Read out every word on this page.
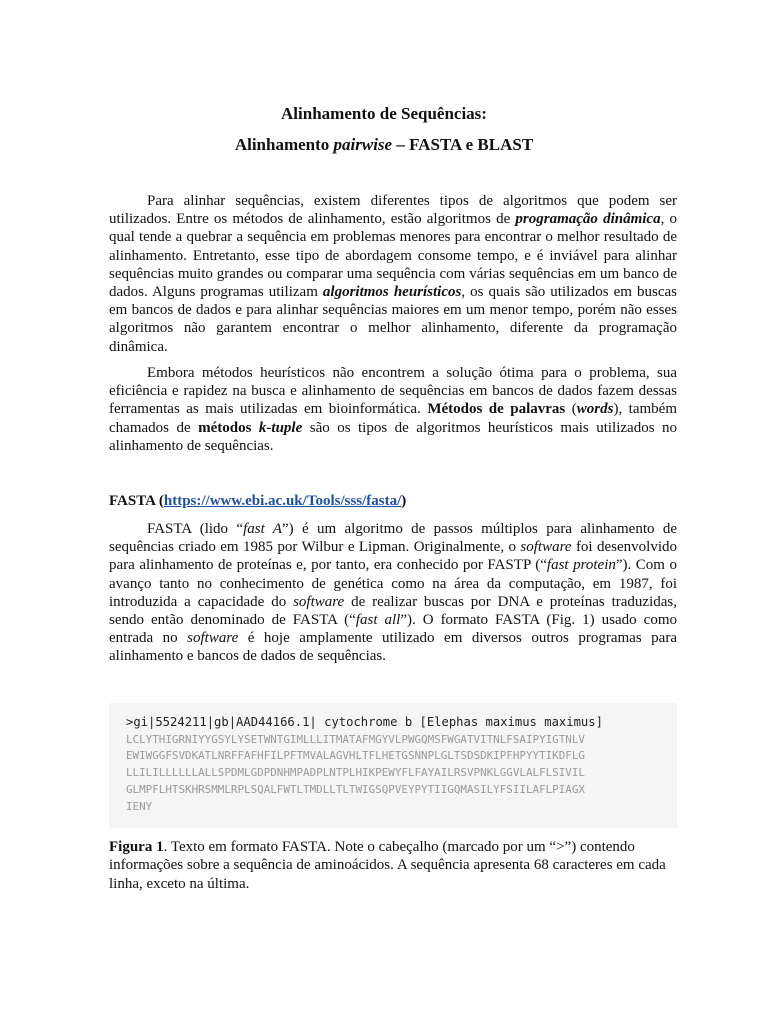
Alinhamento de Sequências:
Alinhamento pairwise – FASTA e BLAST

Para alinhar sequências, existem diferentes tipos de algoritmos que podem ser utilizados. Entre os métodos de alinhamento, estão algoritmos de programação dinâmica, o qual tende a quebrar a sequência em problemas menores para encontrar o melhor resultado de alinhamento. Entretanto, esse tipo de abordagem consome tempo, e é inviável para alinhar sequências muito grandes ou comparar uma sequência com várias sequências em um banco de dados. Alguns programas utilizam algoritmos heurísticos, os quais são utilizados em buscas em bancos de dados e para alinhar sequências maiores em um menor tempo, porém não esses algoritmos não garantem encontrar o melhor alinhamento, diferente da programação dinâmica.

Embora métodos heurísticos não encontrem a solução ótima para o problema, sua eficiência e rapidez na busca e alinhamento de sequências em bancos de dados fazem dessas ferramentas as mais utilizadas em bioinformática. Métodos de palavras (words), também chamados de métodos k-tuple são os tipos de algoritmos heurísticos mais utilizados no alinhamento de sequências.

FASTA (https://www.ebi.ac.uk/Tools/sss/fasta/)

FASTA (lido “fast A”) é um algoritmo de passos múltiplos para alinhamento de sequências criado em 1985 por Wilbur e Lipman. Originalmente, o software foi desenvolvido para alinhamento de proteínas e, por tanto, era conhecido por FASTP (“fast protein”). Com o avanço tanto no conhecimento de genética como na área da computação, em 1987, foi introduzida a capacidade do software de realizar buscas por DNA e proteínas traduzidas, sendo então denominado de FASTA (“fast all”). O formato FASTA (Fig. 1) usado como entrada no software é hoje amplamente utilizado em diversos outros programas para alinhamento e bancos de dados de sequências.

>gi|5524211|gb|AAD44166.1| cytochrome b [Elephas maximus maximus]
LCLYTHIGRNIYYGSYLYSETWNTGIMLLLITMATAFMGYVLPWGQMSFWGATVITNLFSAIPYIGTNLV
EWIWGGFSVDKATLNRFFAFHFILPFTMVALAGVHLTFLHETGSNNPLGLTSDSDKIPFHPYYTIKDFLG
LLILILLLLLLALLSPDMLGDPDNHMPADPLNTPLHIKPEWYFLFAYAILRSVPNKLGGVLALFLSIVIL
GLMPFLHTSKHRSMMLRPLSQALFWTLTMDLLTLTWIGSQPVEYPYTIIGQMASILYFSIILAFLPIAGX
IENY

Figura 1. Texto em formato FASTA. Note o cabeçalho (marcado por um “>”) contendo informações sobre a sequência de aminoácidos. A sequência apresenta 68 caracteres em cada linha, exceto na última.
